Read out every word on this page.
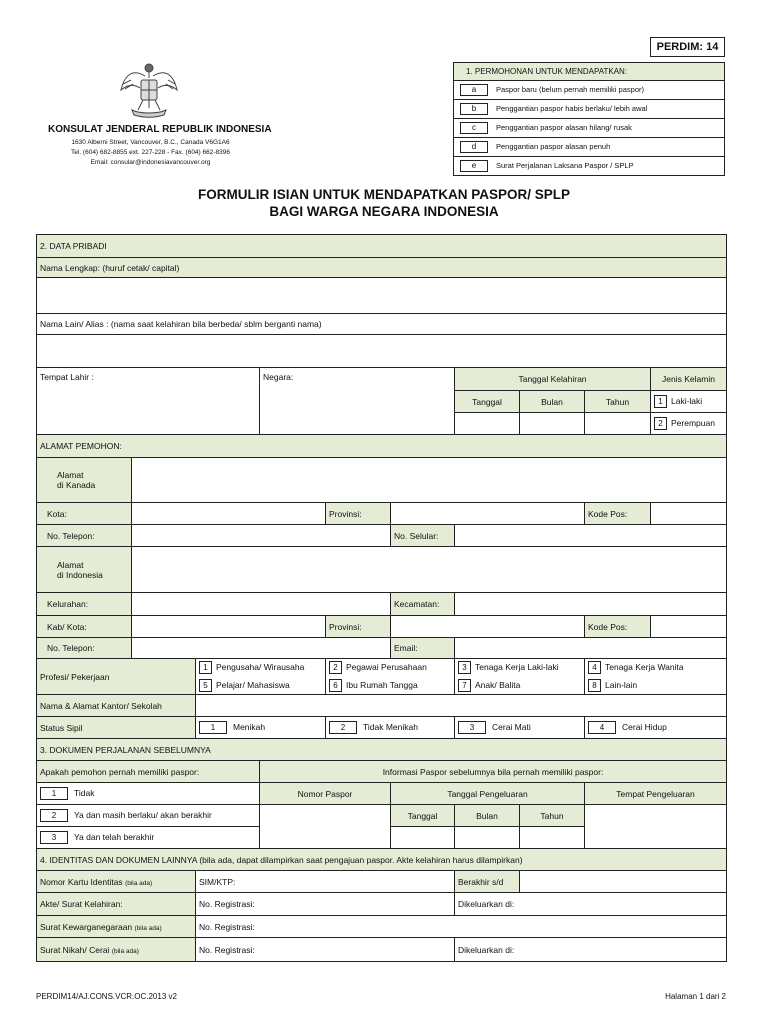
PERDIM: 14
KONSULAT JENDERAL REPUBLIK INDONESIA
1630 Alberni Street, Vancouver, B.C., Canada V6G1A6
Tel. (604) 682-8855 ext. 227-228 - Fax. (604) 662-8396
Email: consular@indonesiavancouver.org
1. PERMOHONAN UNTUK MENDAPATKAN:
a	Paspor baru (belum pernah memiliki paspor)
b	Penggantian paspor habis berlaku/ lebih awal
c	Penggantian paspor alasan hilang/ rusak
d	Penggantian paspor alasan penuh
e	Surat Perjalanan Laksana Paspor / SPLP
FORMULIR ISIAN UNTUK MENDAPATKAN PASPOR/ SPLP
BAGI WARGA NEGARA INDONESIA
2. DATA PRIBADI									
Nama Lengkap: (huruf cetak/ capital)									

Nama Lain/ Alias : (nama saat kelahiran bila berbeda/ sblm berganti nama)									

Tempat Lahir :			Negara:			Tanggal Kelahiran			Jenis Kelamin
						Tanggal	Bulan	Tahun	1 Laki-laki
									2 Perempuan
ALAMAT PEMOHON:									
Alamat
di Kanada									
Kota:				Provinsi:				Kode Pos:	
No. Telepon:					No. Selular:				
Alamat
di Indonesia									
Kelurahan:					Kecamatan:				
Kab/ Kota:				Provinsi:				Kode Pos:	
No. Telepon:					Email:				
Profesi/ Pekerjaan		1 Pengusaha/ Wirausaha		2 Pegawai Perusahaan		3 Tenaga Kerja Laki-laki		4 Tenaga Kerja Wanita	
		5 Pelajar/ Mahasiswa		6 Ibu Rumah Tangga		7 Anak/ Balita		8 Lain-lain	
Nama & Alamat Kantor/ Sekolah									
Status Sipil		1 Menikah		2 Tidak Menikah		3 Cerai Mati		4 Cerai Hidup	
3. DOKUMEN PERJALANAN SEBELUMNYA									
Apakah pemohon pernah memiliki paspor:			Informasi Paspor sebelumnya bila pernah memiliki paspor:						
1 Tidak			Nomor Paspor		Tanggal Pengeluaran			Tempat Pengeluaran	
2 Ya dan masih berlaku/ akan berakhir					Tanggal	Bulan	Tahun		
3 Ya dan telah berakhir									
4. IDENTITAS DAN DOKUMEN LAINNYA (bila ada, dapat dilampirkan saat pengajuan paspor. Akte kelahiran harus dilampirkan)									
Nomor Kartu Identitas (bila ada)		SIM/KTP:				Berakhir s/d			
Akte/ Surat Kelahiran:		No. Registrasi:				Dikeluarkan di:			
Surat Kewarganegaraan (bila ada)		No. Registrasi:							
Surat Nikah/ Cerai (bila ada)		No. Registrasi:				Dikeluarkan di:			
PERDIM14/AJ.CONS.VCR.OC.2013 v2	Halaman 1 dari 2
